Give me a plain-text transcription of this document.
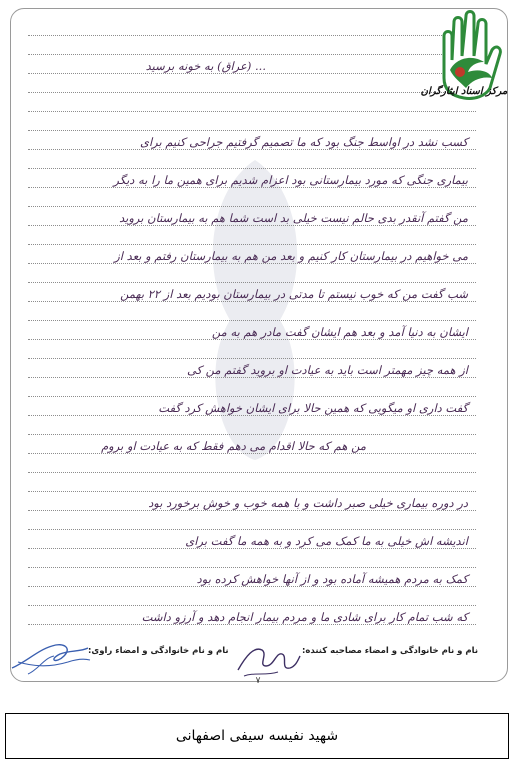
... (عراق) به خونه برسید
کسب نشد در اواسط جنگ بود که ما تصمیم گرفتیم جراحی کنیم برای
بیماری جنگی که مورد بیمارستانی بود اعزام شدیم برای همین ما را به دیگر
من گفتم آنقدر بدی حالم نیست خیلی بد است شما هم به بیمارستان بروید
می خواهیم در بیمارستان کار کنیم و بعد من هم به بیمارستان رفتم و بعد از
شب گفت من که خوب نیستم تا مدتی در بیمارستان بودیم بعد از ۲۲ بهمن
ایشان به دنیا آمد و بعد هم ایشان گفت مادر هم به من
از همه چیز مهمتر است باید به عیادت او بروید گفتم من کی
گفت داری او میگویی که همین حالا برای ایشان خواهش کرد گفت
من هم که حالا اقدام می دهم فقط که به عیادت او بروم
در دوره بیماری خیلی صبر داشت و با همه خوب و خوش برخورد بود
اندیشه اش خیلی به ما کمک می کرد و به همه ما گفت برای
کمک به مردم همیشه آماده بود و از آنها خواهش کرده بود
که شب تمام کار برای شادی ما و مردم بیمار انجام دهد و آرزو داشت
مرکز اسناد ایثارگران
نام و نام خانوادگی و امضاء مصاحبه کننده:
نام و نام خانوادگی و امضاء راوی:
۷
شهید نفیسه سیفی اصفهانی
